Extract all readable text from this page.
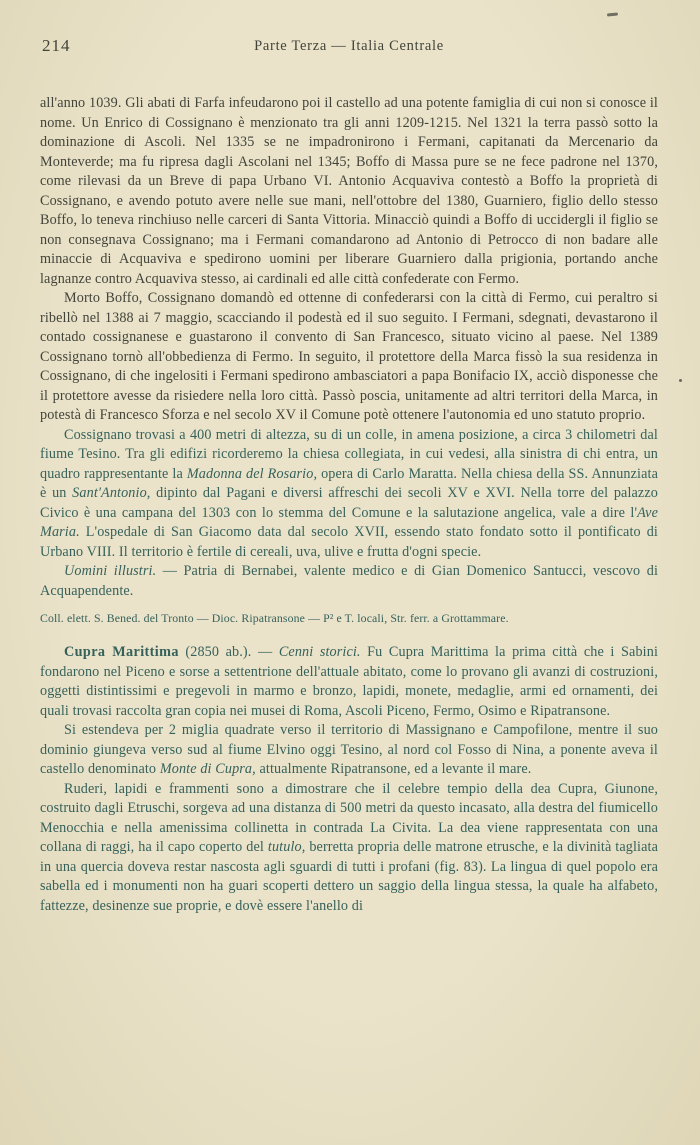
214	Parte Terza — Italia Centrale

all'anno 1039. Gli abati di Farfa infeudarono poi il castello ad una potente famiglia di cui non si conosce il nome. Un Enrico di Cossignano è menzionato tra gli anni 1209-1215. Nel 1321 la terra passò sotto la dominazione di Ascoli. Nel 1335 se ne impadronirono i Fermani, capitanati da Mercenario da Monteverde; ma fu ripresa dagli Ascolani nel 1345; Boffo di Massa pure se ne fece padrone nel 1370, come rilevasi da un Breve di papa Urbano VI. Antonio Acquaviva contestò a Boffo la proprietà di Cossignano, e avendo potuto avere nelle sue mani, nell'ottobre del 1380, Guarniero, figlio dello stesso Boffo, lo teneva rinchiuso nelle carceri di Santa Vittoria. Minacciò quindi a Boffo di uccidergli il figlio se non consegnava Cossignano; ma i Fermani comandarono ad Antonio di Petrocco di non badare alle minaccie di Acquaviva e spedirono uomini per liberare Guarniero dalla prigionia, portando anche lagnanze contro Acquaviva stesso, ai cardinali ed alle città confederate con Fermo.

Morto Boffo, Cossignano domandò ed ottenne di confederarsi con la città di Fermo, cui peraltro si ribellò nel 1388 ai 7 maggio, scacciando il podestà ed il suo seguito. I Fermani, sdegnati, devastarono il contado cossignanese e guastarono il convento di San Francesco, situato vicino al paese. Nel 1389 Cossignano tornò all'obbedienza di Fermo. In seguito, il protettore della Marca fissò la sua residenza in Cossignano, di che ingelositi i Fermani spedirono ambasciatori a papa Bonifacio IX, acciò disponesse che il protettore avesse da risiedere nella loro città. Passò poscia, unitamente ad altri territori della Marca, in potestà di Francesco Sforza e nel secolo XV il Comune potè ottenere l'autonomia ed uno statuto proprio.

Cossignano trovasi a 400 metri di altezza, su di un colle, in amena posizione, a circa 3 chilometri dal fiume Tesino. Tra gli edifizi ricorderemo la chiesa collegiata, in cui vedesi, alla sinistra di chi entra, un quadro rappresentante la Madonna del Rosario, opera di Carlo Maratta. Nella chiesa della SS. Annunziata è un Sant'Antonio, dipinto dal Pagani e diversi affreschi dei secoli XV e XVI. Nella torre del palazzo Civico è una campana del 1303 con lo stemma del Comune e la salutazione angelica, vale a dire l'Ave Maria. L'ospedale di San Giacomo data dal secolo XVII, essendo stato fondato sotto il pontificato di Urbano VIII. Il territorio è fertile di cereali, uva, ulive e frutta d'ogni specie.

Uomini illustri. — Patria di Bernabei, valente medico e di Gian Domenico Santucci, vescovo di Acquapendente.

Coll. elett. S. Bened. del Tronto — Dioc. Ripatransone — P² e T. locali, Str. ferr. a Grottammare.

Cupra Marittima (2850 ab.). — Cenni storici. Fu Cupra Marittima la prima città che i Sabini fondarono nel Piceno e sorse a settentrione dell'attuale abitato, come lo provano gli avanzi di costruzioni, oggetti distintissimi e pregevoli in marmo e bronzo, lapidi, monete, medaglie, armi ed ornamenti, dei quali trovasi raccolta gran copia nei musei di Roma, Ascoli Piceno, Fermo, Osimo e Ripatransone.

Si estendeva per 2 miglia quadrate verso il territorio di Massignano e Campofilone, mentre il suo dominio giungeva verso sud al fiume Elvino oggi Tesino, al nord col Fosso di Nina, a ponente aveva il castello denominato Monte di Cupra, attualmente Ripatransone, ed a levante il mare.

Ruderi, lapidi e frammenti sono a dimostrare che il celebre tempio della dea Cupra, Giunone, costruito dagli Etruschi, sorgeva ad una distanza di 500 metri da questo incasato, alla destra del fiumicello Menocchia e nella amenissima collinetta in contrada La Civita. La dea viene rappresentata con una collana di raggi, ha il capo coperto del tutulo, berretta propria delle matrone etrusche, e la divinità tagliata in una quercia doveva restar nascosta agli sguardi di tutti i profani (fig. 83). La lingua di quel popolo era sabella ed i monumenti non ha guari scoperti dettero un saggio della lingua stessa, la quale ha alfabeto, fattezze, desinenze sue proprie, e dovè essere l'anello di
